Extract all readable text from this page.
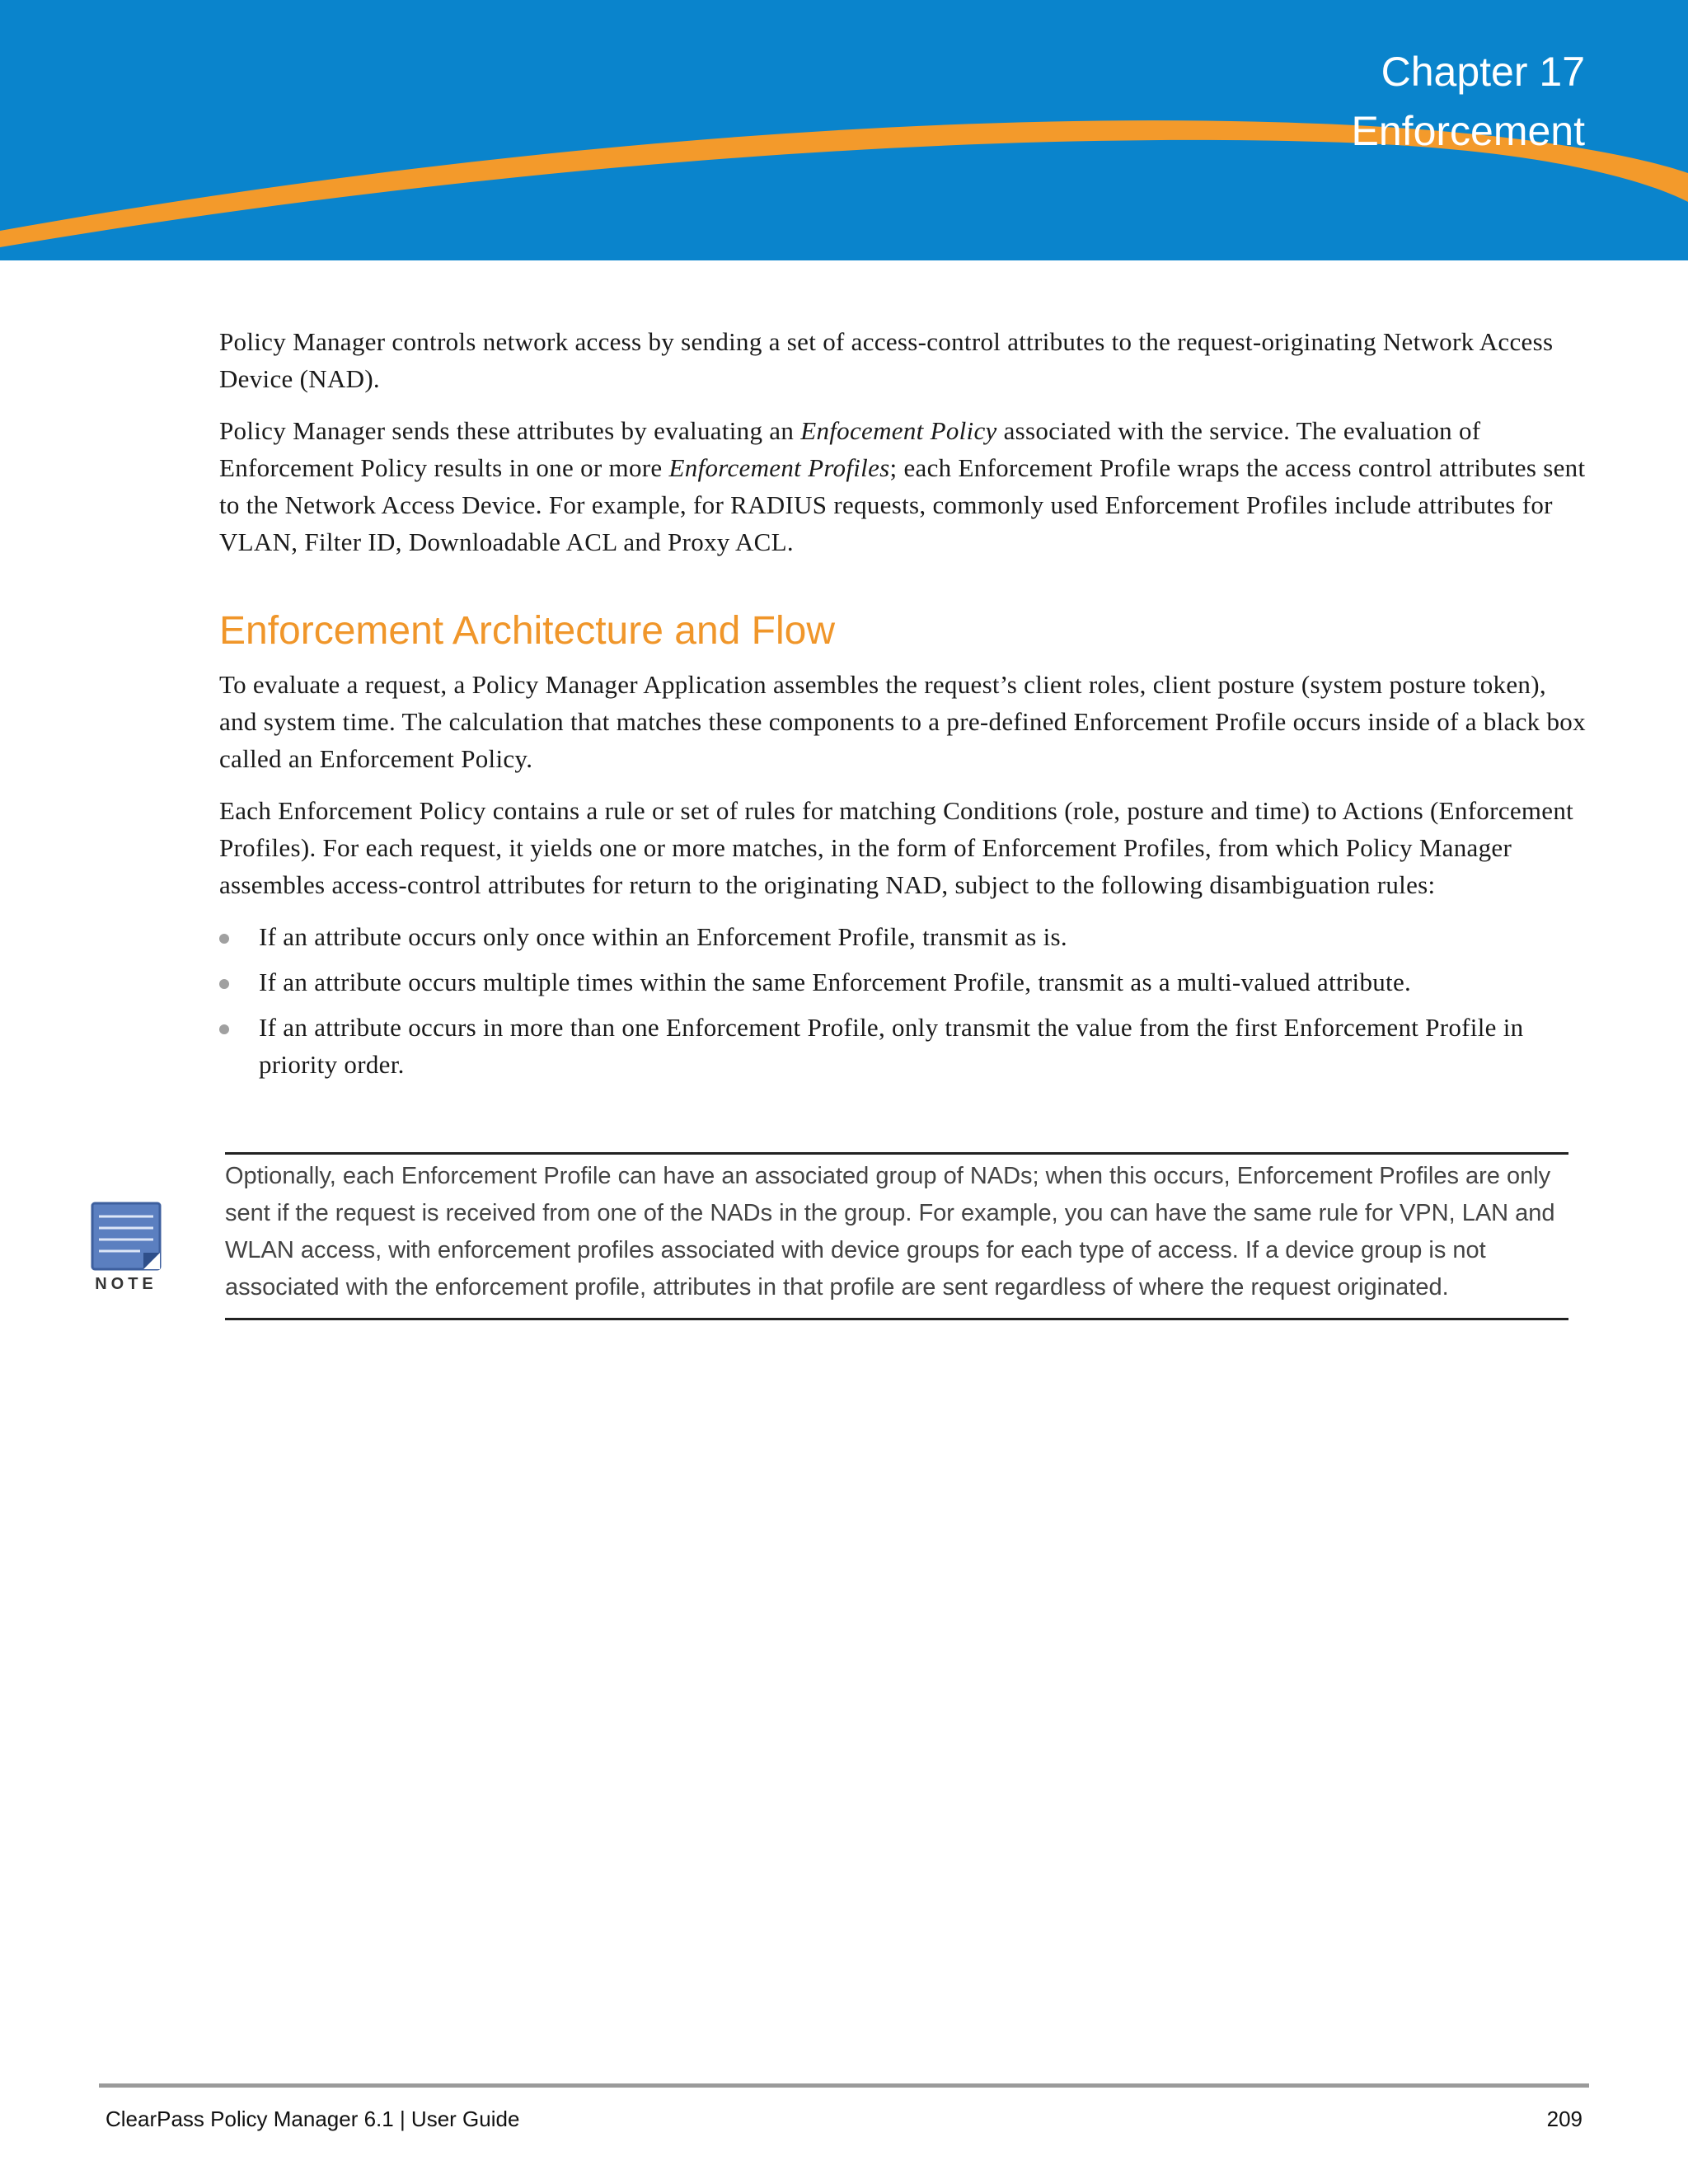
Chapter 17
Enforcement

Policy Manager controls network access by sending a set of access-control attributes to the request-originating Network Access Device (NAD).

Policy Manager sends these attributes by evaluating an Enfocement Policy associated with the service. The evaluation of Enforcement Policy results in one or more Enforcement Profiles; each Enforcement Profile wraps the access control attributes sent to the Network Access Device. For example, for RADIUS requests, commonly used Enforcement Profiles include attributes for VLAN, Filter ID, Downloadable ACL and Proxy ACL.

Enforcement Architecture and Flow

To evaluate a request, a Policy Manager Application assembles the request’s client roles, client posture (system posture token), and system time. The calculation that matches these components to a pre-defined Enforcement Profile occurs inside of a black box called an Enforcement Policy.

Each Enforcement Policy contains a rule or set of rules for matching Conditions (role, posture and time) to Actions (Enforcement Profiles). For each request, it yields one or more matches, in the form of Enforcement Profiles, from which Policy Manager assembles access-control attributes for return to the originating NAD, subject to the following disambiguation rules:

If an attribute occurs only once within an Enforcement Profile, transmit as is.
If an attribute occurs multiple times within the same Enforcement Profile, transmit as a multi-valued attribute.
If an attribute occurs in more than one Enforcement Profile, only transmit the value from the first Enforcement Profile in priority order.
NOTE

Optionally, each Enforcement Profile can have an associated group of NADs; when this occurs, Enforcement Profiles are only sent if the request is received from one of the NADs in the group. For example, you can have the same rule for VPN, LAN and WLAN access, with enforcement profiles associated with device groups for each type of access. If a device group is not associated with the enforcement profile, attributes in that profile are sent regardless of where the request originated.

ClearPass Policy Manager 6.1 | User Guide	209
